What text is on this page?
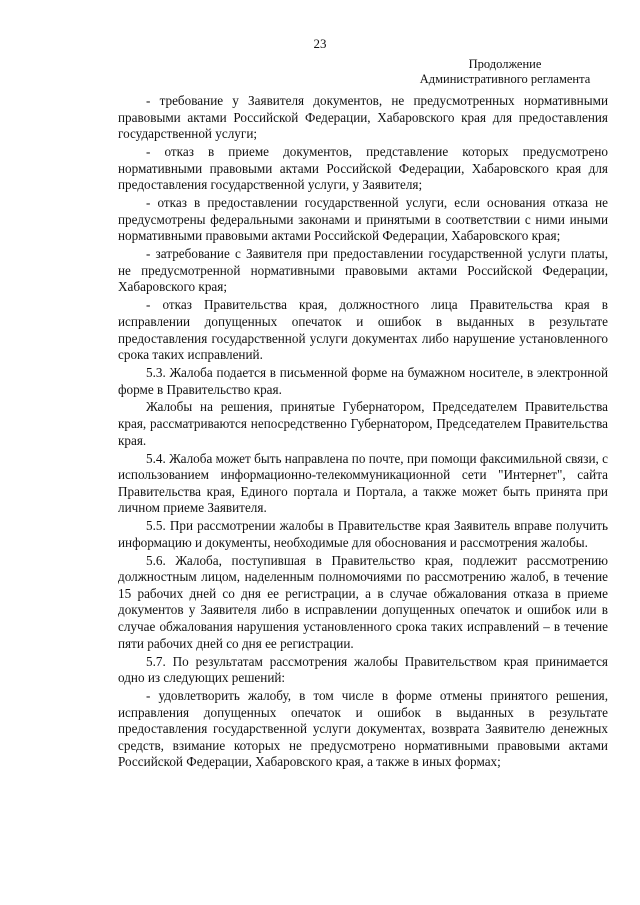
23
Продолжение
Административного регламента

- требование у Заявителя документов, не предусмотренных нормативными правовыми актами Российской Федерации, Хабаровского края для предоставления государственной услуги;

- отказ в приеме документов, представление которых предусмотрено нормативными правовыми актами Российской Федерации, Хабаровского края для предоставления государственной услуги, у Заявителя;

- отказ в предоставлении государственной услуги, если основания отказа не предусмотрены федеральными законами и принятыми в соответствии с ними иными нормативными правовыми актами Российской Федерации, Хабаровского края;

- затребование с Заявителя при предоставлении государственной услуги платы, не предусмотренной нормативными правовыми актами Российской Федерации, Хабаровского края;

- отказ Правительства края, должностного лица Правительства края в исправлении допущенных опечаток и ошибок в выданных в результате предоставления государственной услуги документах либо нарушение установленного срока таких исправлений.

5.3. Жалоба подается в письменной форме на бумажном носителе, в электронной форме в Правительство края.

Жалобы на решения, принятые Губернатором, Председателем Правительства края, рассматриваются непосредственно Губернатором, Председателем Правительства края.

5.4. Жалоба может быть направлена по почте, при помощи факсимильной связи, с использованием информационно-телекоммуникационной сети "Интернет", сайта Правительства края, Единого портала и Портала, а также может быть принята при личном приеме Заявителя.

5.5. При рассмотрении жалобы в Правительстве края Заявитель вправе получить информацию и документы, необходимые для обоснования и рассмотрения жалобы.

5.6. Жалоба, поступившая в Правительство края, подлежит рассмотрению должностным лицом, наделенным полномочиями по рассмотрению жалоб, в течение 15 рабочих дней со дня ее регистрации, а в случае обжалования отказа в приеме документов у Заявителя либо в исправлении допущенных опечаток и ошибок или в случае обжалования нарушения установленного срока таких исправлений – в течение пяти рабочих дней со дня ее регистрации.

5.7. По результатам рассмотрения жалобы Правительством края принимается одно из следующих решений:

- удовлетворить жалобу, в том числе в форме отмены принятого решения, исправления допущенных опечаток и ошибок в выданных в результате предоставления государственной услуги документах, возврата Заявителю денежных средств, взимание которых не предусмотрено нормативными правовыми актами Российской Федерации, Хабаровского края, а также в иных формах;
